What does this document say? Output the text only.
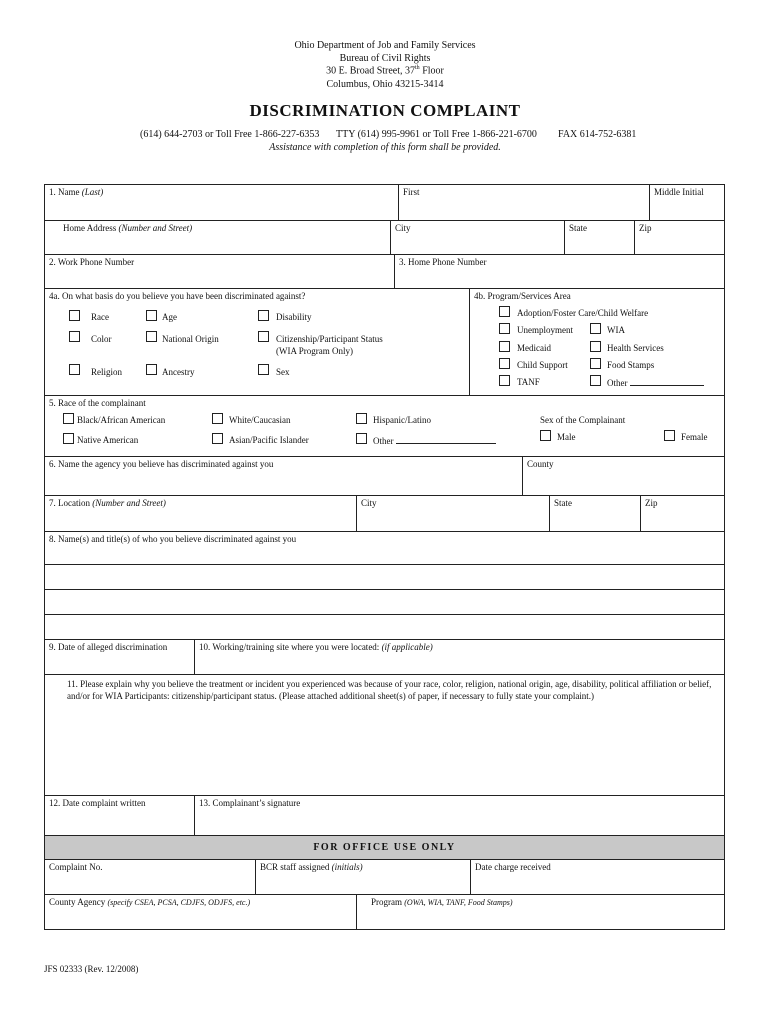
Ohio Department of Job and Family Services
Bureau of Civil Rights
30 E. Broad Street, 37th Floor
Columbus, Ohio 43215-3414
DISCRIMINATION COMPLAINT
(614) 644-2703 or Toll Free 1-866-227-6353 TTY (614) 995-9961 or Toll Free 1-866-221-6700 FAX 614-752-6381
Assistance with completion of this form shall be provided.
1. Name (Last)	First	Middle Initial
Home Address (Number and Street)	City	State	Zip
2. Work Phone Number	3. Home Phone Number
4a. On what basis do you believe you have been discriminated against?	4b. Program/Services Area
Race	Age	Disability
Color	National Origin	Citizenship/Participant Status
(WIA Program Only)
Religion	Ancestry	Sex
Adoption/Foster Care/Child Welfare
Unemployment	WIA
Medicaid	Health Services
Child Support	Food Stamps
TANF	Other
5. Race of the complainant
Black/African American	White/Caucasian	Hispanic/Latino
Native American	Asian/Pacific Islander	Other
Sex of the Complainant
Male	Female
6. Name the agency you believe has discriminated against you	County
7. Location (Number and Street)	City	State	Zip
8. Name(s) and title(s) of who you believe discriminated against you
9. Date of alleged discrimination	10. Working/training site where you were located: (if applicable)
11. Please explain why you believe the treatment or incident you experienced was because of your race, color, religion, national origin, age, disability, political affiliation or belief, and/or for WIA Participants: citizenship/participant status. (Please attached additional sheet(s) of paper, if necessary to fully state your complaint.)
12. Date complaint written	13. Complainant’s signature
FOR OFFICE USE ONLY
Complaint No.	BCR staff assigned (initials)	Date charge received
County Agency (specify CSEA, PCSA, CDJFS, ODJFS, etc.)	Program (OWA, WIA, TANF, Food Stamps)
JFS 02333 (Rev. 12/2008)
